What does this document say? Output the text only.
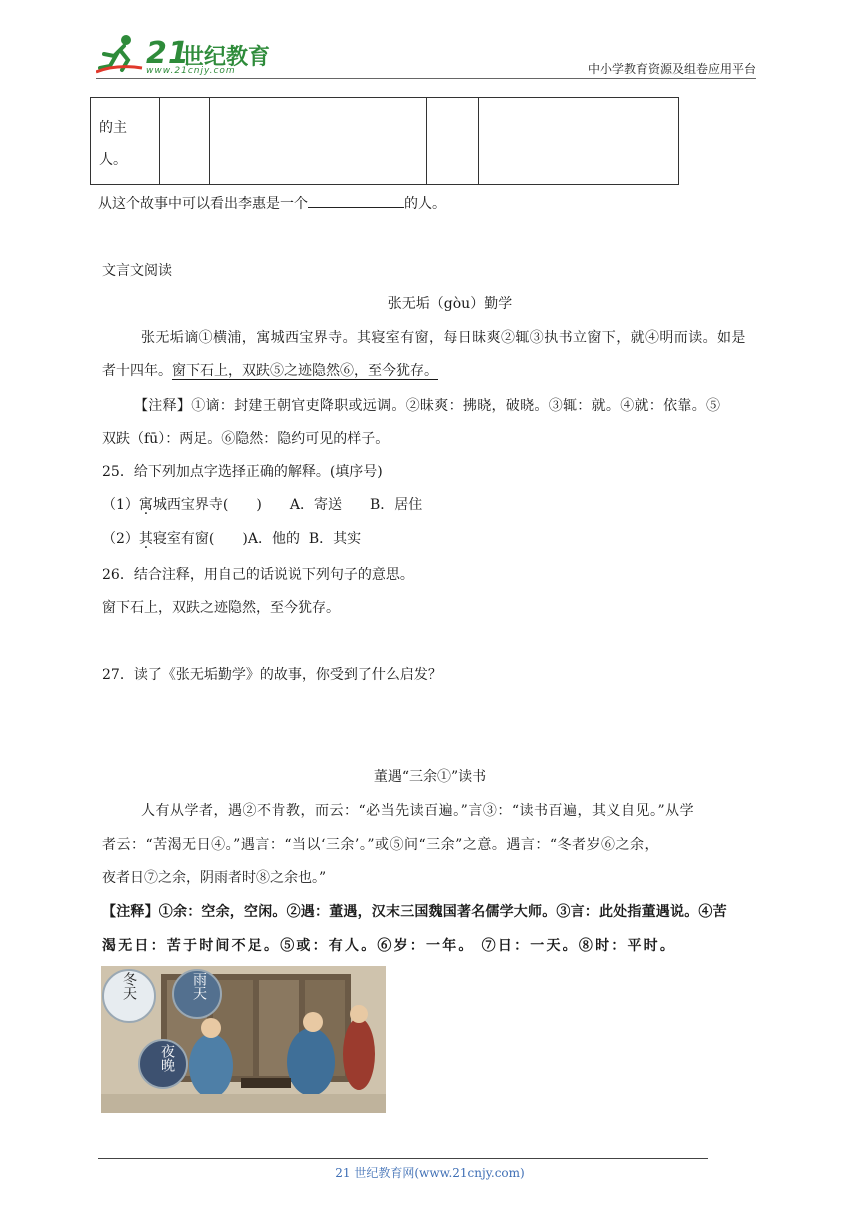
21
世纪教育
www.21cnjy.com	中小学教育资源及组卷应用平台
的主
人。

从这个故事中可以看出李惠是一个	的人。
文言文阅读
张无垢（gòu）勤学
张无垢谪①横浦，寓城西宝界寺。其寝室有窗，每日昧爽②辄③执书立窗下，就④明而读。如是
者十四年。窗下石上，双趺⑤之迹隐然⑥，至今犹存。
【注释】①谪：封建王朝官吏降职或远调。②昧爽：拂晓，破晓。③辄：就。④就：依靠。⑤
双趺（fū）：两足。⑥隐然：隐约可见的样子。
25．给下列加点字选择正确的解释。(填序号)
（1）寓城西宝界寺(　　)　　A．寄送　　B．居住
（2）其寝室有窗(　　)A．他的  B．其实
26．结合注释，用自己的话说说下列句子的意思。
窗下石上，双趺之迹隐然，至今犹存。
27．读了《张无垢勤学》的故事，你受到了什么启发？
董遇“三余①”读书
人有从学者，遇②不肯教，而云：“必当先读百遍。”言③：“读书百遍，其义自见。”从学
者云：“苦渴无日④。”遇言：“当以‘三余’。”或⑤问“三余”之意。遇言：“冬者岁⑥之余，
夜者日⑦之余，阴雨者时⑧之余也。”
【注释】①余：空余，空闲。②遇：董遇，汉末三国魏国著名儒学大师。③言：此处指董遇说。④苦
渴无日：苦于时间不足。⑤或：有人。⑥岁：一年。 ⑦日：一天。⑧时：平时。
冬天	雨天
夜晚
21 世纪教育网(www.21cnjy.com)
